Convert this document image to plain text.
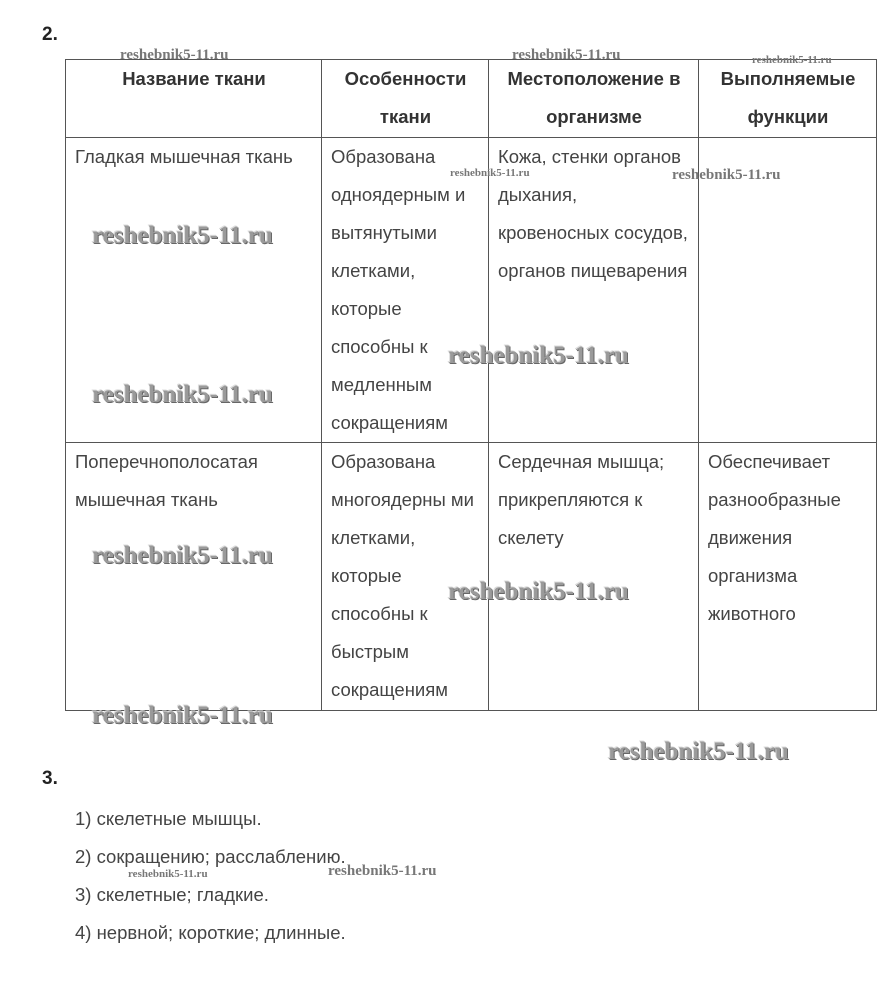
2.
Название ткани	Особенности ткани	Местоположение в организме	Выполняемые функции
Гладкая мышечная ткань	Образована одноядерным и вытянутыми клетками, которые способны к медленным сокращениям	Кожа, стенки органов дыхания, кровеносных сосудов, органов пищеварения	
Поперечнополосатая мышечная ткань	Образована многоядерны ми клетками, которые способны к быстрым сокращениям	Сердечная мышца; прикрепляются к скелету	Обеспечивает разнообразные движения организма животного
3.
1) скелетные мышцы.
2) сокращению; расслаблению.
3) скелетные; гладкие.
4) нервной; короткие; длинные.
reshebnik5-11.ru	reshebnik5-11.ru	reshebnik5-11.ru
reshebnik5-11.ru	reshebnik5-11.ru
reshebnik5-11.ru
reshebnik5-11.ru
reshebnik5-11.ru
reshebnik5-11.ru
reshebnik5-11.ru
reshebnik5-11.ru
reshebnik5-11.ru
reshebnik5-11.ru	reshebnik5-11.ru
